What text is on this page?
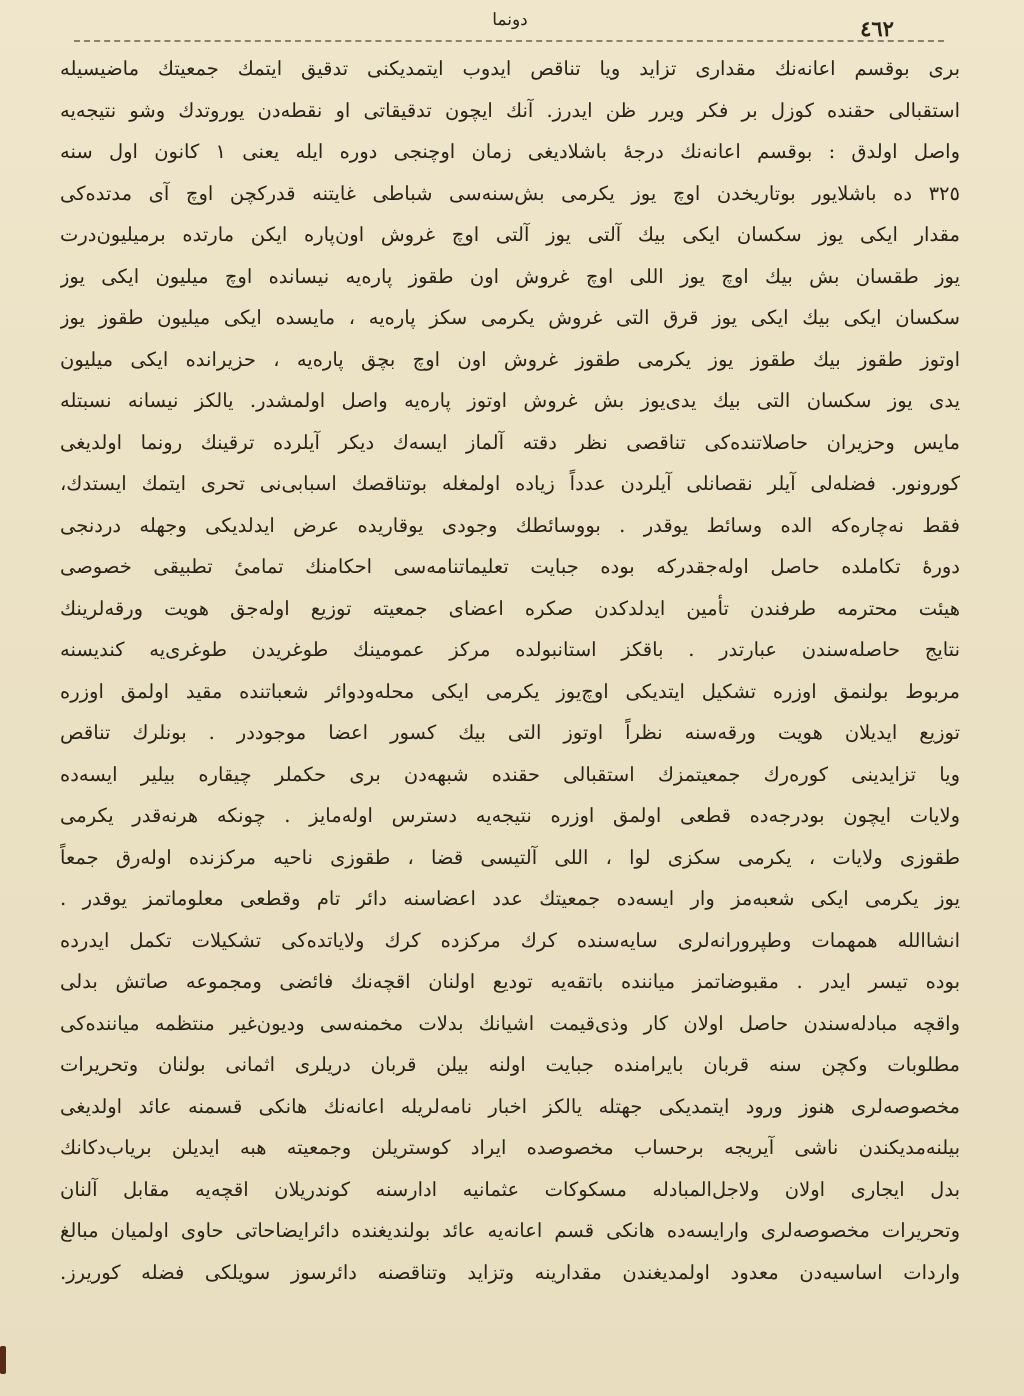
دونما	٤٦٢
بری بوقسم اعانه‌نك مقداری تزاید ویا تناقص ایدوب ایتمدیکنی تدقیق ایتمك جمعیتك ماضیسیله
استقبالی حقنده کوزل بر فکر ویرر ظن ایدرز. آنك ایچون تدقیقاتی او نقطه‌دن یوروتدك وشو نتیجه‌یه
واصل اولدق : بوقسم اعانه‌نك درجهٔ باشلادیغی زمان اوچنجی دوره ایله یعنی ١ کانون اول سنه
٣٢٥ ده باشلایور بوتاریخدن اوچ یوز یکرمی بش‌سنه‌سی شباطی غایتنه قدرکچن اوچ آی مدتده‌کی
مقدار ایکی یوز سکسان ایکی بیك آلتی یوز آلتی اوچ غروش اون‌پاره ایکن مارتده برمیلیون‌درت
یوز طقسان بش بیك اوچ یوز اللی اوچ غروش اون طقوز پاره‌یه نیسانده اوچ میلیون ایکی یوز
سکسان ایکی بیك ایکی یوز قرق التی غروش یکرمی سکز پاره‌یه ، مایسده ایکی میلیون طقوز یوز
اوتوز طقوز بیك طقوز یوز یکرمی طقوز غروش اون اوچ بچق پاره‌یه ، حزیرانده ایکی میلیون
یدی یوز سکسان التی بیك یدی‌یوز بش غروش اوتوز پاره‌یه واصل اولمشدر. یالکز نیسانه نسبتله
مایس وحزیران حاصلاتنده‌کی تناقصی نظر دقته آلماز ایسه‌ك دیکر آیلرده ترقینك رونما اولدیغی
کورونور. فضله‌لی آیلر نقصانلی آیلردن عدداً زیاده اولمغله بوتناقصك اسبابی‌نی تحری ایتمك ایستدك،
فقط نه‌چاره‌که الده وسائط یوقدر . بووسائطك وجودی یوقاریده عرض ایدلدیکی وجهله دردنجی
دورهٔ تکاملده حاصل اوله‌جقدرکه بوده جبایت تعلیماتنامه‌سی احکامنك تمامیٔ تطبیقی خصوصی
هیئت محترمه طرفندن تأمین ایدلدکدن صکره اعضای جمعیته توزیع اوله‌جق هویت ورقه‌لرینك
نتایج حاصله‌سندن عبارتدر . باقکز استانبولده مرکز عمومینك طوغریدن طوغری‌یه کندیسنه
مربوط بولنمق اوزره تشکیل ایتدیکی اوچ‌یوز یکرمی ایکی محله‌ودوائر شعباتنده مقید اولمق اوزره
توزیع ایدیلان هویت ورقه‌سنه نظراً اوتوز التی بیك کسور اعضا موجوددر . بونلرك تناقص
ویا تزایدینی کوره‌رك جمعیتمزك استقبالی حقنده شبهه‌دن بری حکملر چیقاره بیلیر ایسه‌ده
ولایات ایچون بودرجه‌ده قطعی اولمق اوزره نتیجه‌یه دسترس اوله‌مایز . چونکه هرنه‌قدر یکرمی
طقوزی ولایات ، یکرمی سکزی لوا ، اللی آلتیسی قضا ، طقوزی ناحیه مرکزنده اوله‌رق جمعاً
یوز یکرمی ایکی شعبه‌مز وار ایسه‌ده جمعیتك عدد اعضاسنه دائر تام وقطعی معلوماتمز یوقدر .
انشاالله همهمات وطپرورانه‌لری سایه‌سنده کرك مرکزده کرك ولایاتده‌کی تشکیلات تکمل ایدرده
بوده تیسر ایدر . مقبوضاتمز میاننده باتقه‌یه تودیع اولنان اقچه‌نك فائضی ومجموعه صاتش بدلی
واقچه مبادله‌سندن حاصل اولان کار وذی‌قیمت اشیانك بدلات مخمنه‌سی ودیون‌غیر منتظمه میاننده‌کی
مطلوبات وکچن سنه قربان بایرامنده جبایت اولنه بیلن قربان دریلری اثمانی بولنان وتحریرات
مخصوصه‌لری هنوز ورود ایتمدیکی جهتله یالکز اخبار نامه‌لریله اعانه‌نك هانکی قسمنه عائد اولدیغی
بیلنه‌مدیکندن ناشی آیریجه برحساب مخصوصده ایراد کوستریلن وجمعیته هبه ایدیلن بریاب‌دکانك
بدل ایجاری اولان ولاجل‌المبادله مسکوکات عثمانیه ادارسنه کوندریلان اقچه‌یه مقابل آلنان
وتحریرات مخصوصه‌لری وارایسه‌ده هانکی قسم اعانه‌یه عائد بولندیغنده دائرایضاحاتی حاوی اولمیان مبالغ
واردات اساسیه‌دن معدود اولمدیغندن مقدارینه وتزاید وتناقصنه دائرسوز سویلکی فضله کوریرز.
